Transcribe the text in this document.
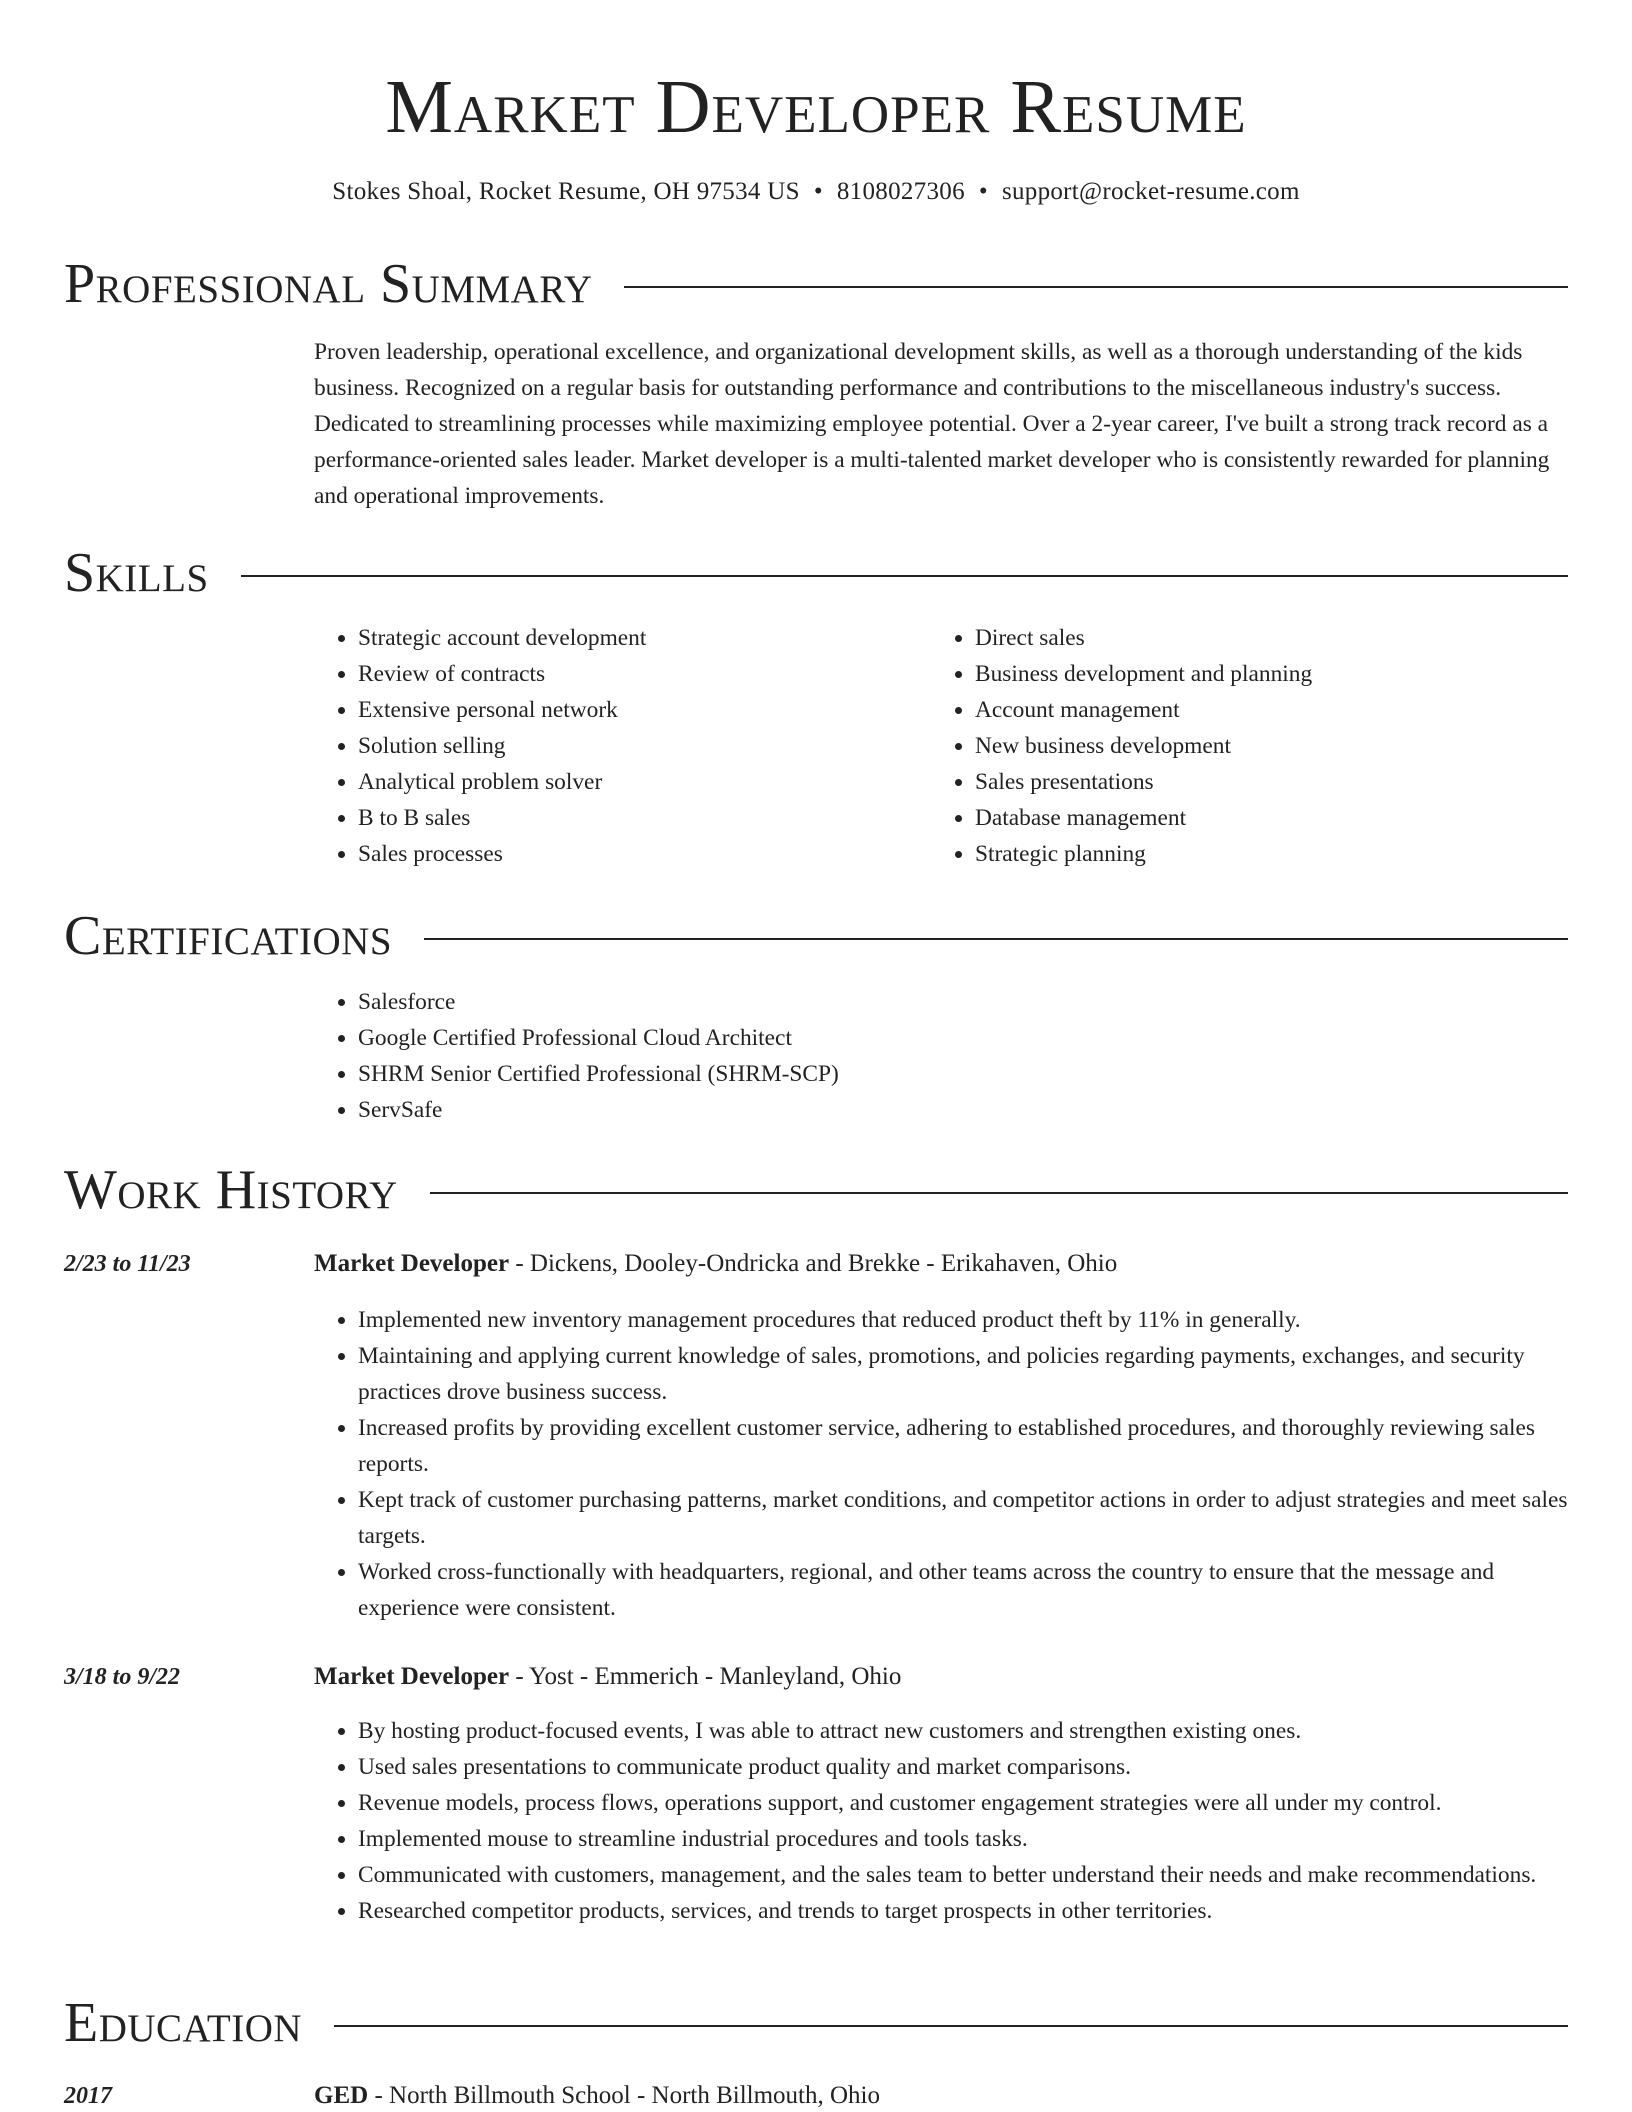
Market Developer Resume
Stokes Shoal, Rocket Resume, OH 97534 US • 8108027306 • support@rocket-resume.com
Professional Summary

Proven leadership, operational excellence, and organizational development skills, as well as a thorough understanding of the kids business. Recognized on a regular basis for outstanding performance and contributions to the miscellaneous industry's success. Dedicated to streamlining processes while maximizing employee potential. Over a 2-year career, I've built a strong track record as a performance-oriented sales leader. Market developer is a multi-talented market developer who is consistently rewarded for planning and operational improvements.

Skills
• Strategic account development
• Review of contracts
• Extensive personal network
• Solution selling
• Analytical problem solver
• B to B sales
• Sales processes
• Direct sales
• Business development and planning
• Account management
• New business development
• Sales presentations
• Database management
• Strategic planning
Certifications
• Salesforce
• Google Certified Professional Cloud Architect
• SHRM Senior Certified Professional (SHRM-SCP)
• ServSafe
Work History
2/23 to 11/23	Market Developer - Dickens, Dooley-Ondricka and Brekke - Erikahaven, Ohio
• Implemented new inventory management procedures that reduced product theft by 11% in generally.
• Maintaining and applying current knowledge of sales, promotions, and policies regarding payments, exchanges, and security practices drove business success.
• Increased profits by providing excellent customer service, adhering to established procedures, and thoroughly reviewing sales reports.
• Kept track of customer purchasing patterns, market conditions, and competitor actions in order to adjust strategies and meet sales targets.
• Worked cross-functionally with headquarters, regional, and other teams across the country to ensure that the message and experience were consistent.
3/18 to 9/22	Market Developer - Yost - Emmerich - Manleyland, Ohio
• By hosting product-focused events, I was able to attract new customers and strengthen existing ones.
• Used sales presentations to communicate product quality and market comparisons.
• Revenue models, process flows, operations support, and customer engagement strategies were all under my control.
• Implemented mouse to streamline industrial procedures and tools tasks.
• Communicated with customers, management, and the sales team to better understand their needs and make recommendations.
• Researched competitor products, services, and trends to target prospects in other territories.
Education
2017	GED - North Billmouth School - North Billmouth, Ohio
